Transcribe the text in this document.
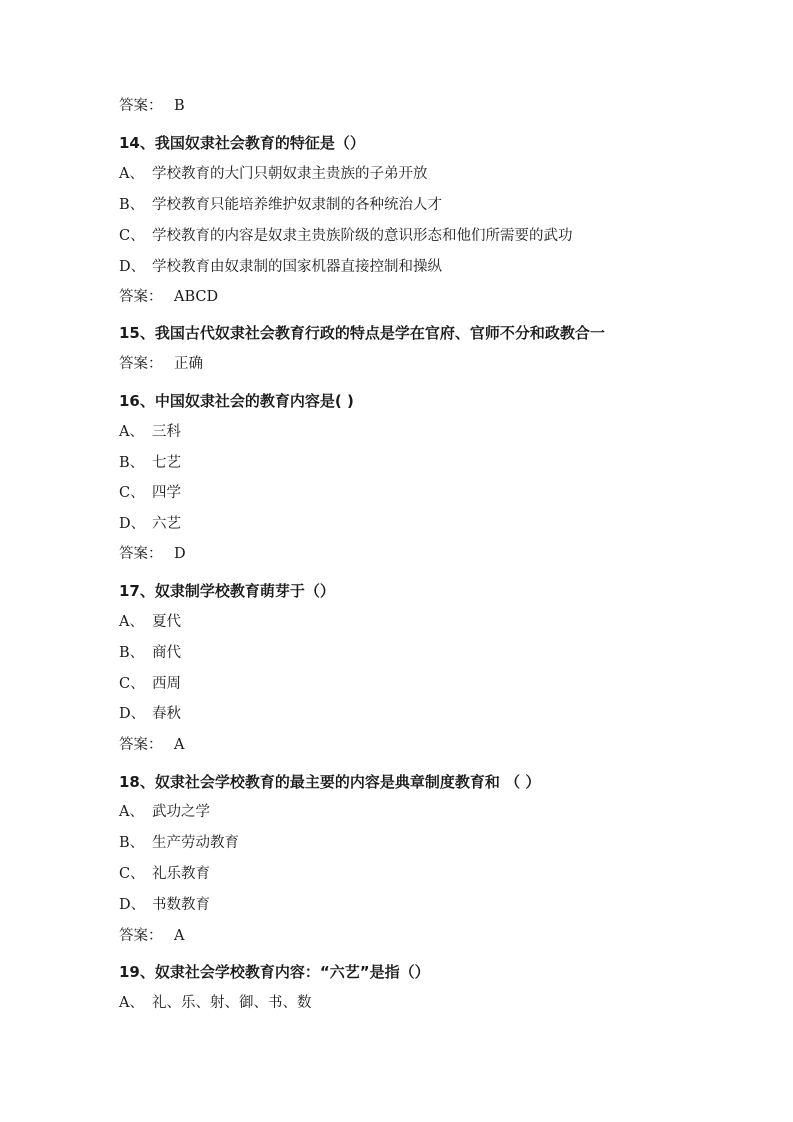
答案： B
14、我国奴隶社会教育的特征是（）
A、 学校教育的大门只朝奴隶主贵族的子弟开放
B、 学校教育只能培养维护奴隶制的各种统治人才
C、 学校教育的内容是奴隶主贵族阶级的意识形态和他们所需要的武功
D、 学校教育由奴隶制的国家机器直接控制和操纵
答案： ABCD
15、我国古代奴隶社会教育行政的特点是学在官府、官师不分和政教合一
答案： 正确
16、中国奴隶社会的教育内容是( )
A、 三科
B、 七艺
C、 四学
D、 六艺
答案： D
17、奴隶制学校教育萌芽于（）
A、 夏代
B、 商代
C、 西周
D、 春秋
答案： A
18、奴隶社会学校教育的最主要的内容是典章制度教育和 （ ）
A、 武功之学
B、 生产劳动教育
C、 礼乐教育
D、 书数教育
答案： A
19、奴隶社会学校教育内容：“六艺”是指（）
A、 礼、乐、射、御、书、数
